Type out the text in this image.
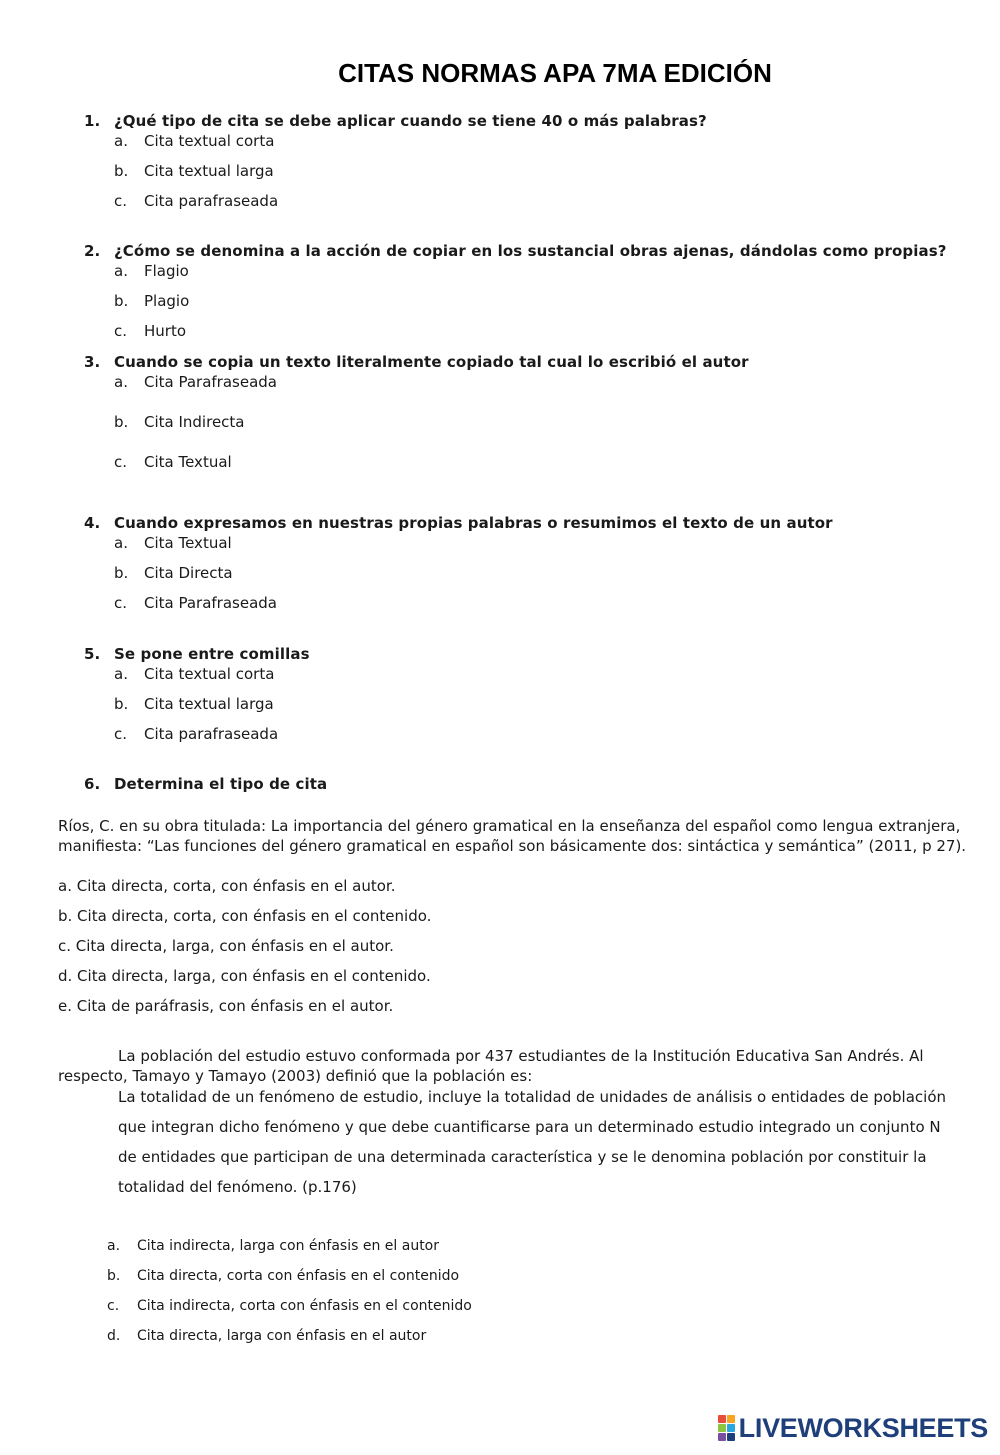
CITAS NORMAS APA 7MA EDICIÓN
1. ¿Qué tipo de cita se debe aplicar cuando se tiene 40 o más palabras?
a. Cita textual corta
b. Cita textual larga
c. Cita parafraseada
2. ¿Cómo se denomina a la acción de copiar en los sustancial obras ajenas, dándolas como propias?
a. Flagio
b. Plagio
c. Hurto
3. Cuando se copia un texto literalmente copiado tal cual lo escribió el autor
a. Cita Parafraseada
b. Cita Indirecta
c. Cita Textual
4. Cuando expresamos en nuestras propias palabras o resumimos el texto de un autor
a. Cita Textual
b. Cita Directa
c. Cita Parafraseada
5. Se pone entre comillas
a. Cita textual corta
b. Cita textual larga
c. Cita parafraseada
6. Determina el tipo de cita
Ríos, C. en su obra titulada: La importancia del género gramatical en la enseñanza del español como lengua extranjera,
manifiesta: “Las funciones del género gramatical en español son básicamente dos: sintáctica y semántica” (2011, p 27).
a. Cita directa, corta, con énfasis en el autor.
b. Cita directa, corta, con énfasis en el contenido.
c. Cita directa, larga, con énfasis en el autor.
d. Cita directa, larga, con énfasis en el contenido.
e. Cita de paráfrasis, con énfasis en el autor.
La población del estudio estuvo conformada por 437 estudiantes de la Institución Educativa San Andrés. Al
respecto, Tamayo y Tamayo (2003) definió que la población es:
La totalidad de un fenómeno de estudio, incluye la totalidad de unidades de análisis o entidades de población
que integran dicho fenómeno y que debe cuantificarse para un determinado estudio integrado un conjunto N
de entidades que participan de una determinada característica y se le denomina población por constituir la
totalidad del fenómeno. (p.176)
a. Cita indirecta, larga con énfasis en el autor
b. Cita directa, corta con énfasis en el contenido
c. Cita indirecta, corta con énfasis en el contenido
d. Cita directa, larga con énfasis en el autor
LIVEWORKSHEETS
